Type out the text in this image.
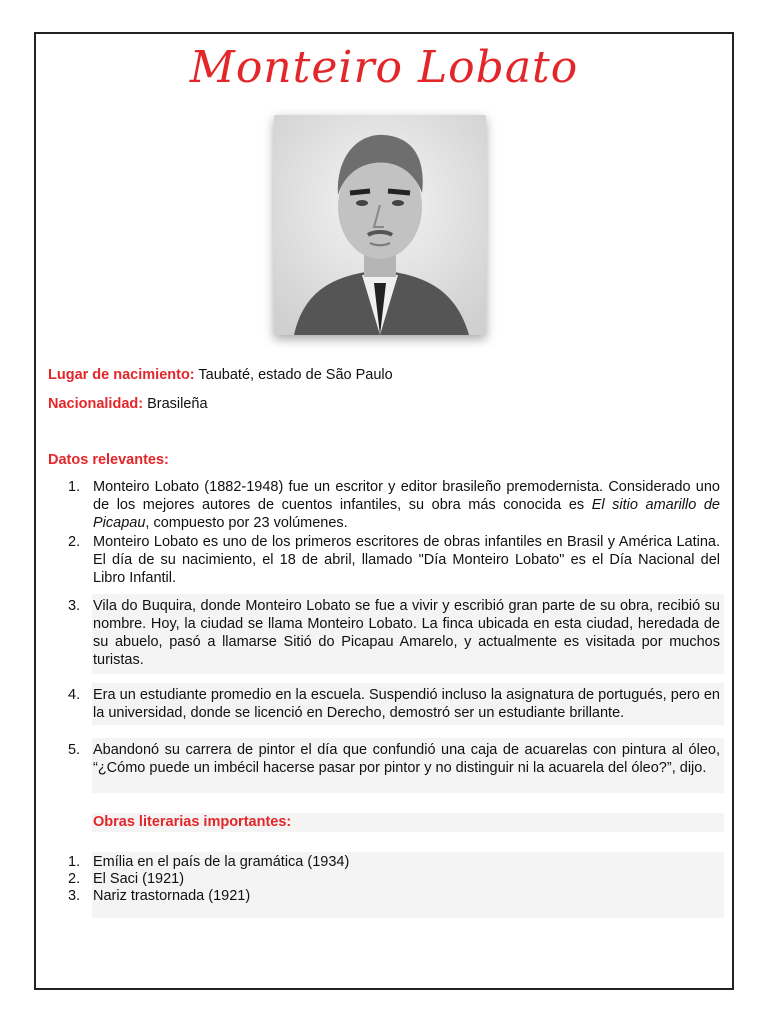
Monteiro Lobato
Lugar de nacimiento: Taubaté, estado de São Paulo
Nacionalidad: Brasileña
Datos relevantes:
1. Monteiro Lobato (1882-1948) fue un escritor y editor brasileño premodernista. Considerado uno de los mejores autores de cuentos infantiles, su obra más conocida es El sitio amarillo de Picapau, compuesto por 23 volúmenes.
2. Monteiro Lobato es uno de los primeros escritores de obras infantiles en Brasil y América Latina. El día de su nacimiento, el 18 de abril, llamado "Día Monteiro Lobato" es el Día Nacional del Libro Infantil.
3. Vila do Buquira, donde Monteiro Lobato se fue a vivir y escribió gran parte de su obra, recibió su nombre. Hoy, la ciudad se llama Monteiro Lobato. La finca ubicada en esta ciudad, heredada de su abuelo, pasó a llamarse Sitió do Picapau Amarelo, y actualmente es visitada por muchos turistas.
4. Era un estudiante promedio en la escuela. Suspendió incluso la asignatura de portugués, pero en la universidad, donde se licenció en Derecho, demostró ser un estudiante brillante.
5. Abandonó su carrera de pintor el día que confundió una caja de acuarelas con pintura al óleo, “¿Cómo puede un imbécil hacerse pasar por pintor y no distinguir ni la acuarela del óleo?”, dijo.
Obras literarias importantes:
1. Emília en el país de la gramática (1934)
2. El Saci (1921)
3. Nariz trastornada (1921)
